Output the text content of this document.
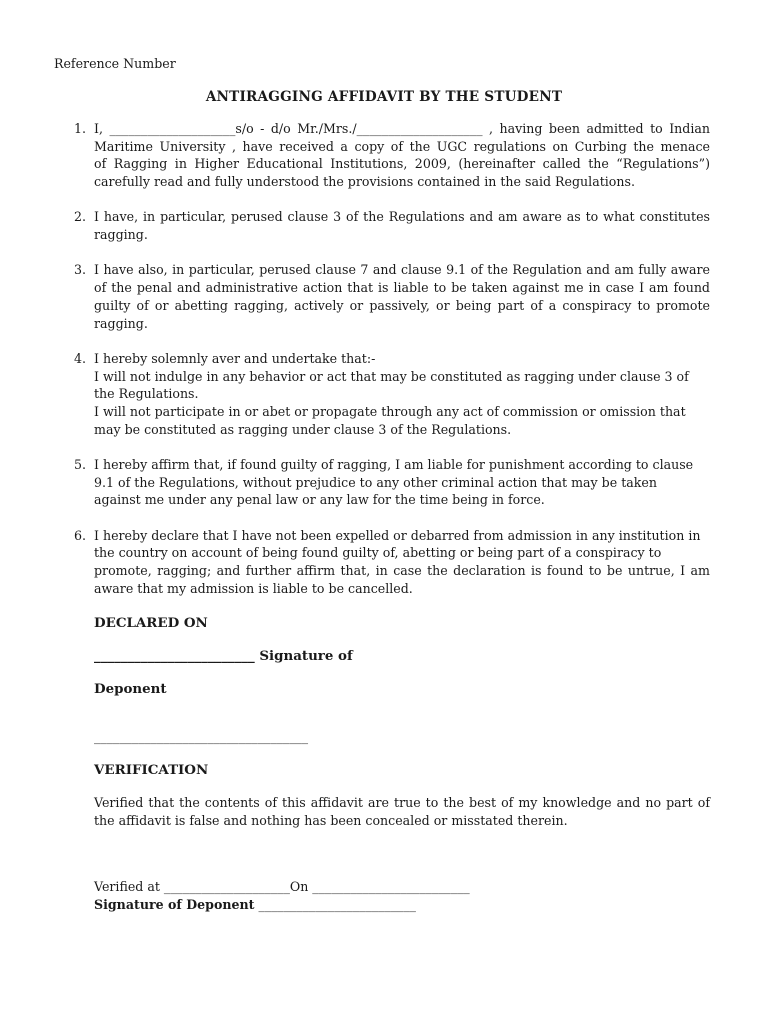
Reference Number
ANTIRAGGING AFFIDAVIT BY THE STUDENT
1. I, ____________________s/o - d/o Mr./Mrs./____________________ , having been admitted to Indian
Maritime University , have received a copy of the UGC regulations on Curbing the menace
of Ragging in Higher Educational Institutions, 2009, (hereinafter called the “Regulations”)
carefully read and fully understood the provisions contained in the said Regulations.
2. I have, in particular, perused clause 3 of the Regulations and am aware as to what constitutes
ragging.
3. I have also, in particular, perused clause 7 and clause 9.1 of the Regulation and am fully aware
of the penal and administrative action that is liable to be taken against me in case I am found
guilty of or abetting ragging, actively or passively, or being part of a conspiracy to promote
ragging.
4. I hereby solemnly aver and undertake that:-
I will not indulge in any behavior or act that may be constituted as ragging under clause 3 of
the Regulations.
I will not participate in or abet or propagate through any act of commission or omission that
may be constituted as ragging under clause 3 of the Regulations.
5. I hereby affirm that, if found guilty of ragging, I am liable for punishment according to clause
9.1 of the Regulations, without prejudice to any other criminal action that may be taken
against me under any penal law or any law for the time being in force.
6. I hereby declare that I have not been expelled or debarred from admission in any institution in
the country on account of being found guilty of, abetting or being part of a conspiracy to
promote, ragging; and further affirm that, in case the declaration is found to be untrue, I am
aware that my admission is liable to be cancelled.
DECLARED ON
________________________ Signature of
Deponent
__________________________________
VERIFICATION
Verified that the contents of this affidavit are true to the best of my knowledge and no part of
the affidavit is false and nothing has been concealed or misstated therein.
Verified at ____________________On _________________________
Signature of Deponent _________________________
